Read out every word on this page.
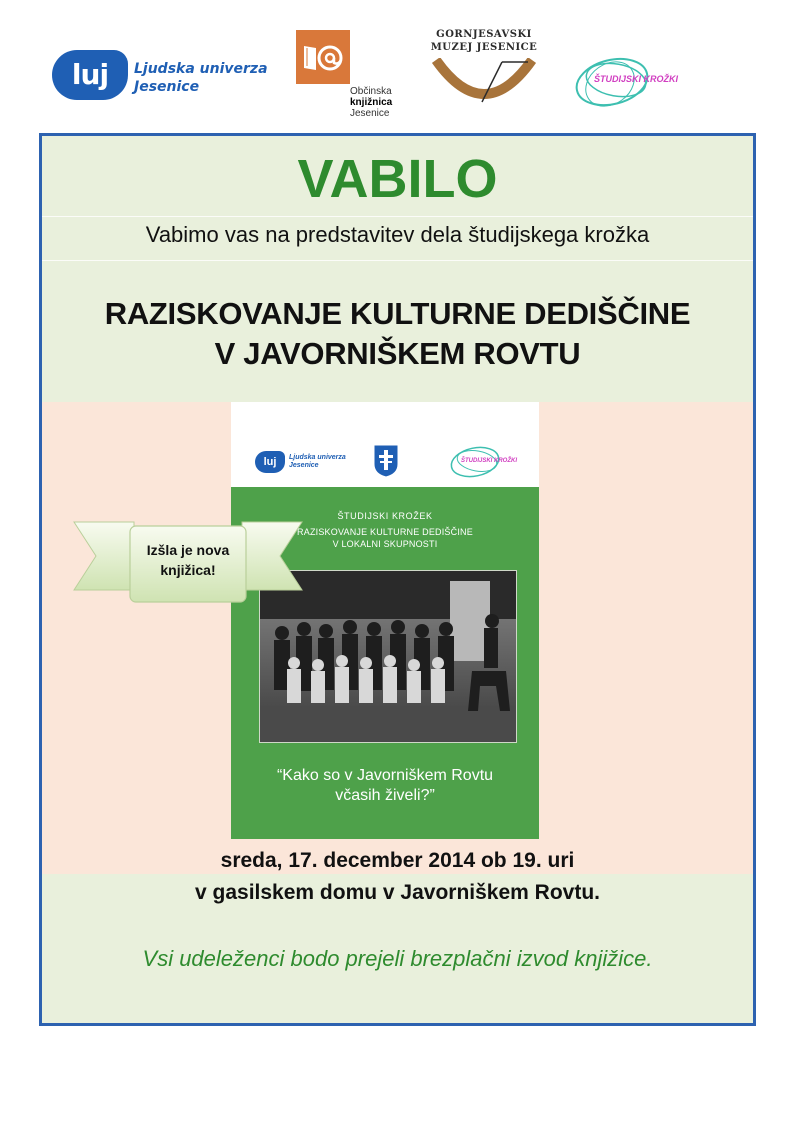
luj	Ljudska univerza
Jesenice	Občinska
knjižnica
Jesenice
GORNJESAVSKI
MUZEJ JESENICE
ŠTUDIJSKI KROŽKI
VABILO
Vabimo vas na predstavitev dela študijskega krožka
RAZISKOVANJE KULTURNE DEDIŠČINE
V JAVORNIŠKEM ROVTU
luj	Ljudska univerza
Jesenice
ŠTUDIJSKI KROŽKI
ŠTUDIJSKI KROŽEK
RAZISKOVANJE KULTURNE DEDIŠČINE
V LOKALNI SKUPNOSTI
“Kako so v Javorniškem Rovtu
včasih živeli?”
Izšla je nova
knjižica!
sreda, 17. december 2014 ob 19. uri
v gasilskem domu v Javorniškem Rovtu.
Vsi udeleženci bodo prejeli brezplačni izvod knjižice.
